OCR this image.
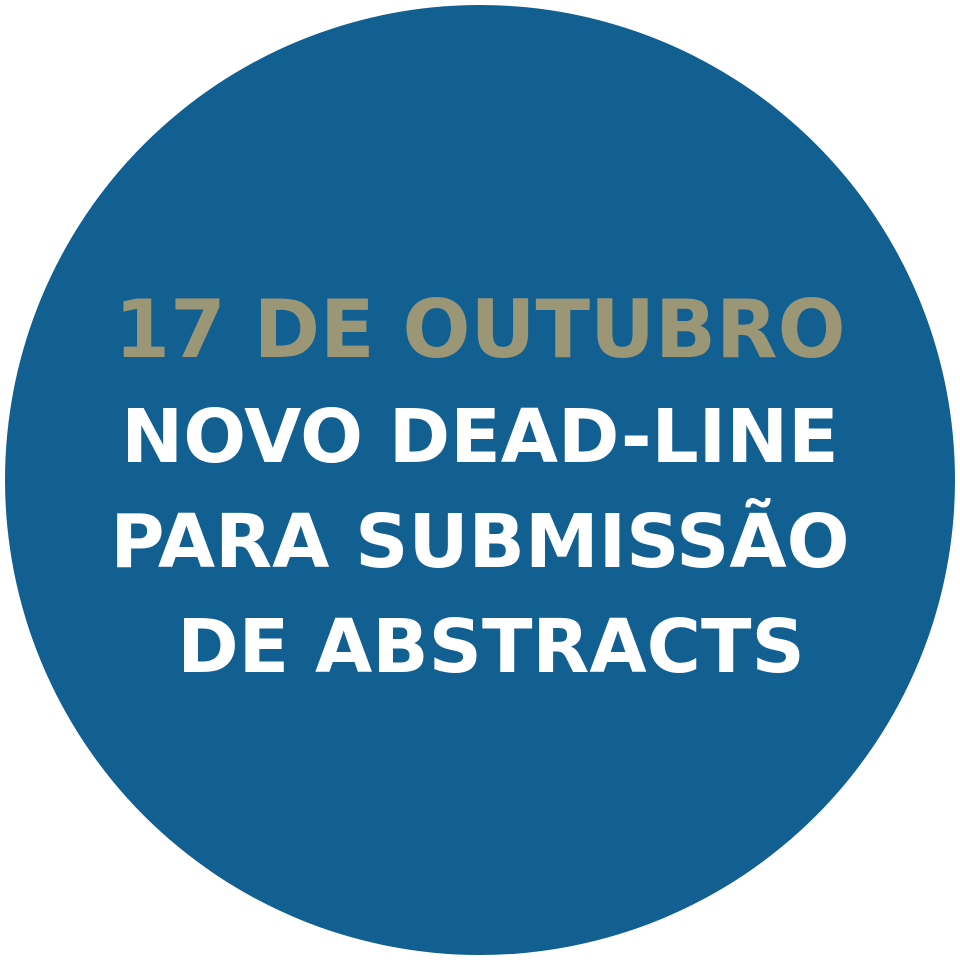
17 DE OUTUBRO
NOVO DEAD-LINE
PARA SUBMISSÃO
DE ABSTRACTS
